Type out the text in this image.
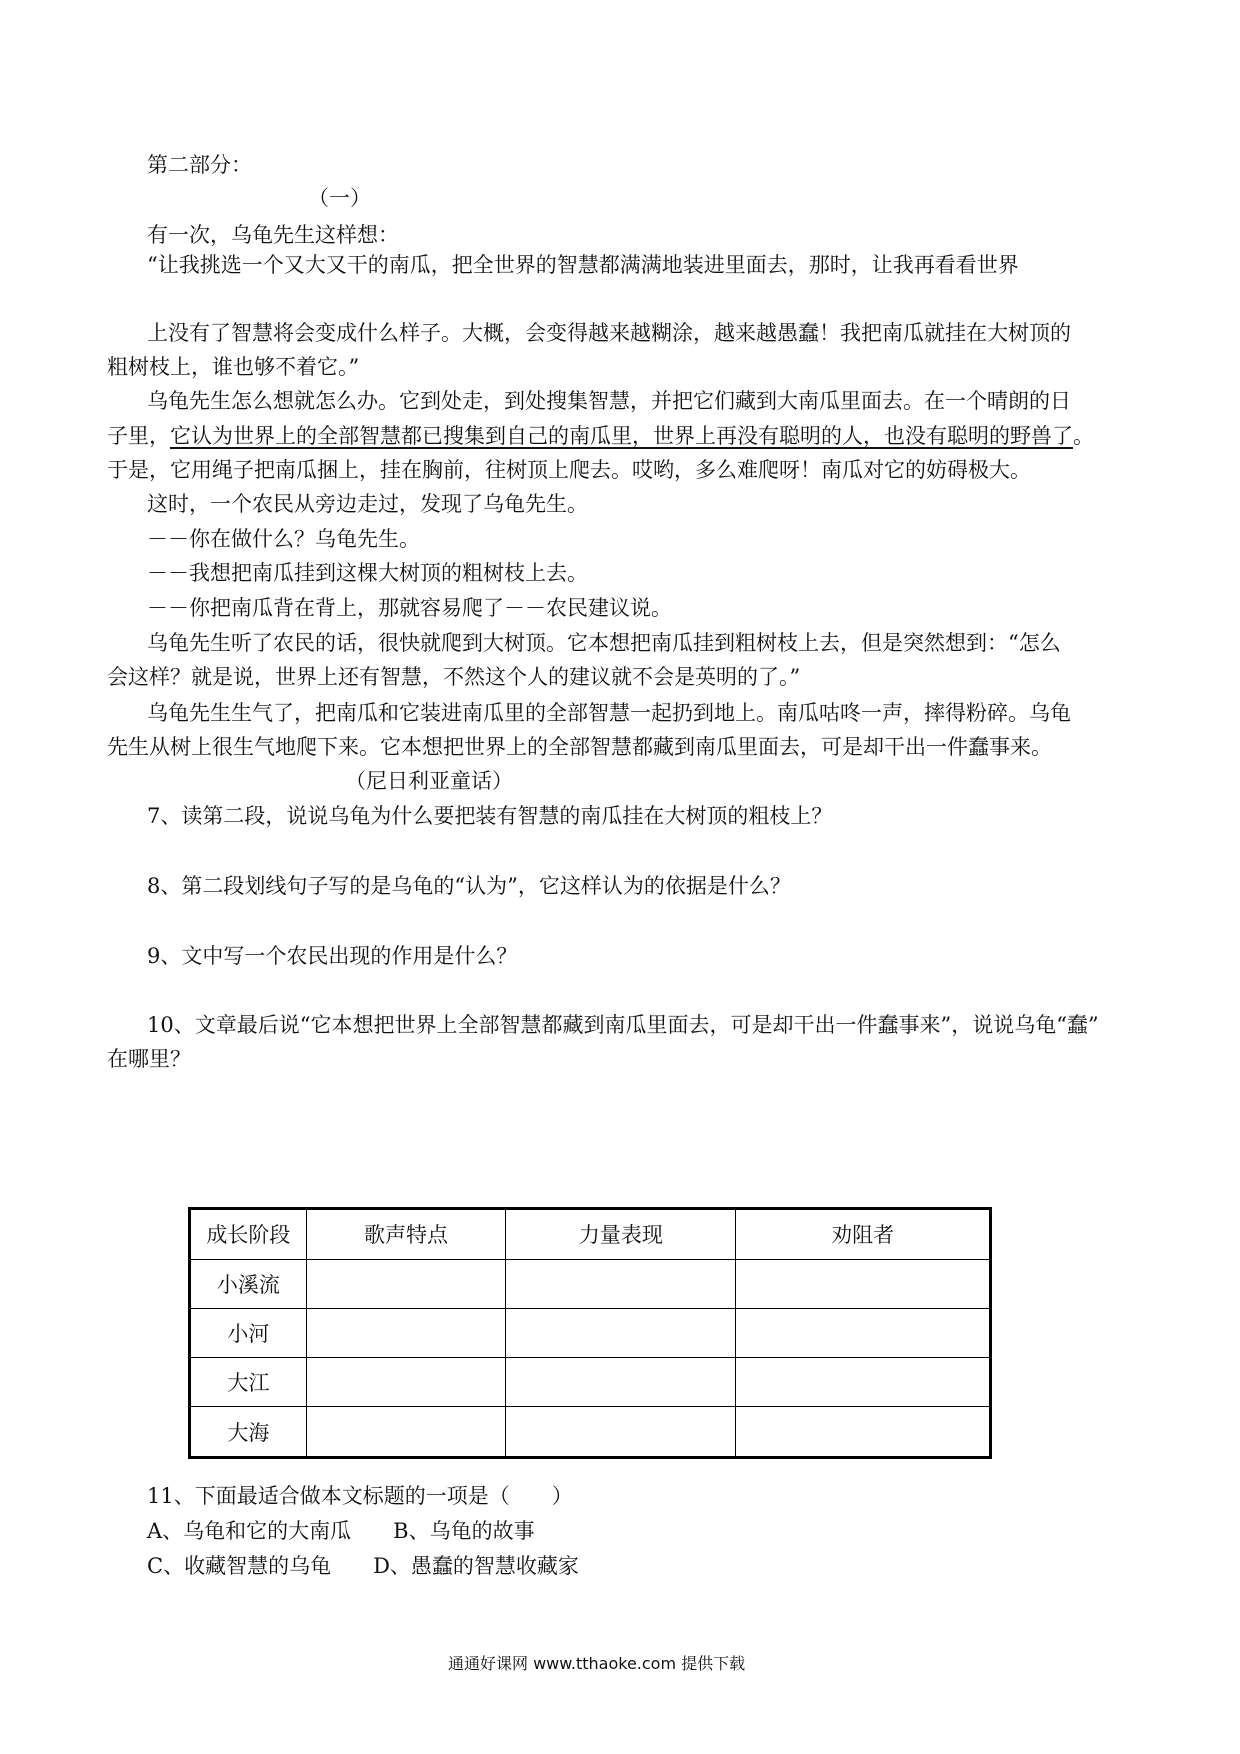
第二部分：
（一）
有一次，乌龟先生这样想：
“让我挑选一个又大又干的南瓜，把全世界的智慧都满满地装进里面去，那时，让我再看看世界
上没有了智慧将会变成什么样子。大概，会变得越来越糊涂，越来越愚蠢！我把南瓜就挂在大树顶的
粗树枝上，谁也够不着它。”
乌龟先生怎么想就怎么办。它到处走，到处搜集智慧，并把它们藏到大南瓜里面去。在一个晴朗的日
子里，它认为世界上的全部智慧都已搜集到自己的南瓜里，世界上再没有聪明的人，也没有聪明的野兽了。
于是，它用绳子把南瓜捆上，挂在胸前，往树顶上爬去。哎哟，多么难爬呀！南瓜对它的妨碍极大。
这时，一个农民从旁边走过，发现了乌龟先生。
－－你在做什么？乌龟先生。
－－我想把南瓜挂到这棵大树顶的粗树枝上去。
－－你把南瓜背在背上，那就容易爬了－－农民建议说。
乌龟先生听了农民的话，很快就爬到大树顶。它本想把南瓜挂到粗树枝上去，但是突然想到：“怎么
会这样？就是说，世界上还有智慧，不然这个人的建议就不会是英明的了。”
乌龟先生生气了，把南瓜和它装进南瓜里的全部智慧一起扔到地上。南瓜咕咚一声，摔得粉碎。乌龟
先生从树上很生气地爬下来。它本想把世界上的全部智慧都藏到南瓜里面去，可是却干出一件蠢事来。
（尼日利亚童话）
7、读第二段，说说乌龟为什么要把装有智慧的南瓜挂在大树顶的粗枝上？
8、第二段划线句子写的是乌龟的“认为”，它这样认为的依据是什么？
9、文中写一个农民出现的作用是什么？
10、文章最后说“它本想把世界上全部智慧都藏到南瓜里面去，可是却干出一件蠢事来”，说说乌龟“蠢”
在哪里？
成长阶段	歌声特点	力量表现	劝阻者
小溪流			
小河			
大江			
大海			
11、下面最适合做本文标题的一项是（　　）
A、乌龟和它的大南瓜　　B、乌龟的故事
C、收藏智慧的乌龟　　D、愚蠢的智慧收藏家
通通好课网 www.tthaoke.com 提供下载
